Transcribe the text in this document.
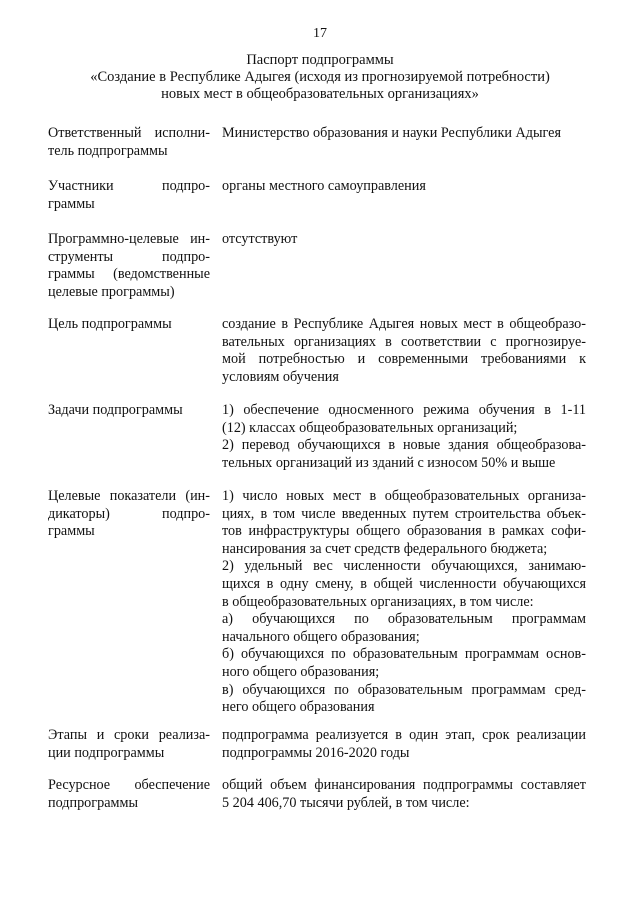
17
Паспорт подпрограммы
«Создание в Республике Адыгея (исходя из прогнозируемой потребности)
новых мест в общеобразовательных организациях»
Ответственный исполни-
тель подпрограммы
Министерство образования и науки Республики Адыгея
Участники подпро-
граммы
органы местного самоуправления
Программно-целевые ин-
струменты подпро-
граммы (ведомственные
целевые программы)
отсутствуют
Цель подпрограммы	создание в Республике Адыгея новых мест в общеобразо-
вательных организациях в соответствии с прогнозируе-
мой потребностью и современными требованиями к
условиям обучения
Задачи подпрограммы	1) обеспечение односменного режима обучения в 1-11
(12) классах общеобразовательных организаций;
2) перевод обучающихся в новые здания общеобразова-
тельных организаций из зданий с износом 50% и выше
Целевые показатели (ин-
дикаторы) подпро-
граммы
1) число новых мест в общеобразовательных организа-
циях, в том числе введенных путем строительства объек-
тов инфраструктуры общего образования в рамках софи-
нансирования за счет средств федерального бюджета;
2) удельный вес численности обучающихся, занимаю-
щихся в одну смену, в общей численности обучающихся
в общеобразовательных организациях, в том числе:
а) обучающихся по образовательным программам
начального общего образования;
б) обучающихся по образовательным программам основ-
ного общего образования;
в) обучающихся по образовательным программам сред-
него общего образования
Этапы и сроки реализа-
ции подпрограммы
подпрограмма реализуется в один этап, срок реализации
подпрограммы 2016-2020 годы
Ресурсное обеспечение
подпрограммы
общий объем финансирования подпрограммы составляет
5 204 406,70 тысячи рублей, в том числе:
